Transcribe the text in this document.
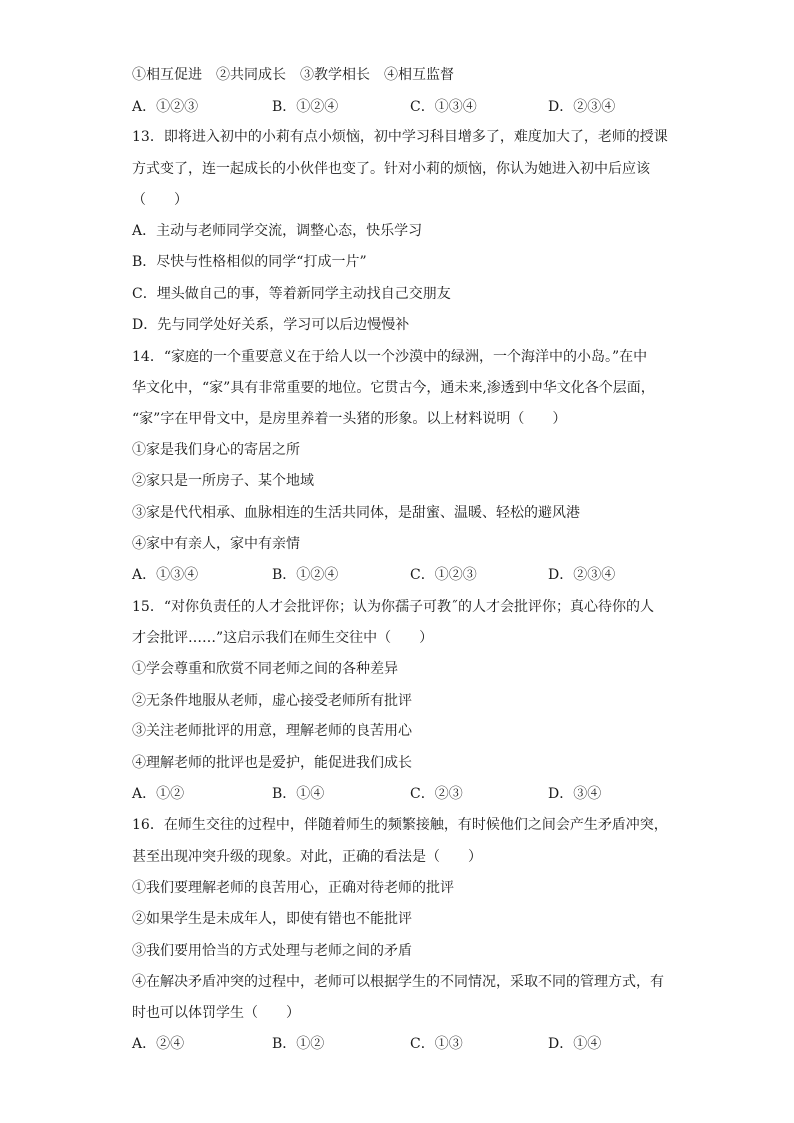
①相互促进　②共同成长　③教学相长　④相互监督
A．①②③	B．①②④	C．①③④	D．②③④
13．即将进入初中的小莉有点小烦恼，初中学习科目增多了，难度加大了，老师的授课
方式变了，连一起成长的小伙伴也变了。针对小莉的烦恼，你认为她进入初中后应该
（　　）
A．主动与老师同学交流，调整心态，快乐学习
B．尽快与性格相似的同学“打成一片”
C．埋头做自己的事，等着新同学主动找自己交朋友
D．先与同学处好关系，学习可以后边慢慢补
14．“家庭的一个重要意义在于给人以一个沙漠中的绿洲，一个海洋中的小岛。”在中
华文化中，“家”具有非常重要的地位。它贯古今，通未来,渗透到中华文化各个层面，
“家”字在甲骨文中，是房里养着一头猪的形象。以上材料说明（　　）
①家是我们身心的寄居之所
②家只是一所房子、某个地域
③家是代代相承、血脉相连的生活共同体，是甜蜜、温暖、轻松的避风港
④家中有亲人，家中有亲情
A．①③④	B．①②④	C．①②③	D．②③④
15．“对你负责任的人才会批评你；认为你孺子可教˝的人才会批评你；真心待你的人
才会批评……”这启示我们在师生交往中（　　）
①学会尊重和欣赏不同老师之间的各种差异
②无条件地服从老师，虚心接受老师所有批评
③关注老师批评的用意，理解老师的良苦用心
④理解老师的批评也是爱护，能促进我们成长
A．①②	B．①④	C．②③	D．③④
16．在师生交往的过程中，伴随着师生的频繁接触，有时候他们之间会产生矛盾冲突，
甚至出现冲突升级的现象。对此，正确的看法是（　　）
①我们要理解老师的良苦用心，正确对待老师的批评
②如果学生是未成年人，即使有错也不能批评
③我们要用恰当的方式处理与老师之间的矛盾
④在解决矛盾冲突的过程中，老师可以根据学生的不同情况，采取不同的管理方式，有
时也可以体罚学生（　　）
A．②④	B．①②	C．①③	D．①④
